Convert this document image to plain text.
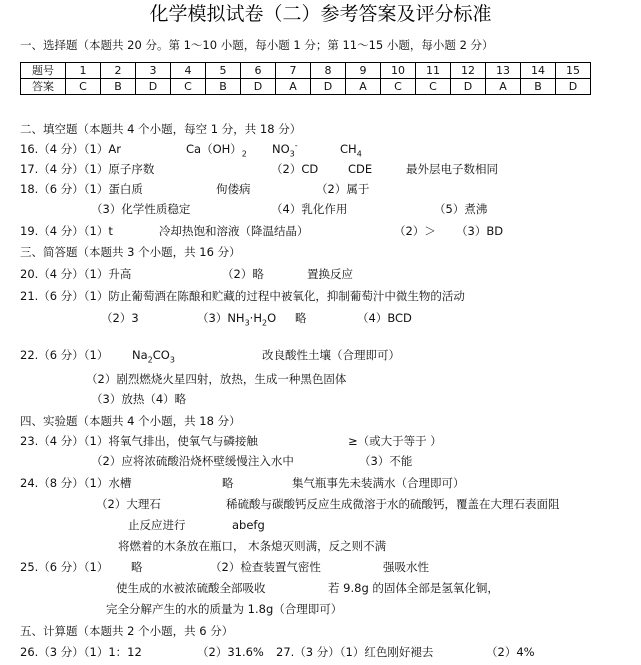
化学模拟试卷（二）参考答案及评分标准
一、选择题（本题共 20 分。第 1～10 小题，每小题 1 分；第 11～15 小题，每小题 2 分）
题号	1	2	3	4	5	6	7	8	9	10	11	12	13	14	15
答案	C	B	D	C	B	D	A	D	A	C	C	D	A	B	D
二、填空题（本题共 4 个小题，每空 1 分，共 18 分）
16.（4 分）（1）Ar	$Ca(OH)_2$ $NO_3^-$	$CH_4$
17.（4 分）（1）原子序数	（2）CD	CDE	最外层电子数相同
18.（6 分）（1）蛋白质	佝偻病	（2）属于
（3）化学性质稳定	（4）乳化作用	（5）煮沸
19.（4 分）（1）t	冷却热饱和溶液（降温结晶）	（2）＞ （3）BD
三、简答题（本题共 3 个小题，共 16 分）
20.（4 分）（1）升高	（2）略	置换反应
21.（6 分）（1）防止葡萄酒在陈酿和贮藏的过程中被氧化，抑制葡萄汁中微生物的活动
（2）3	$(3)NH_3\cdot H_2O$ 略	（4）BCD
22.（6 分）（1） $Na_2CO_3$	改良酸性土壤（合理即可）
（2）剧烈燃烧火星四射，放热，生成一种黑色固体
（3）放热（4）略
四、实验题（本题共 4 个小题，共 18 分）
23.（4 分）（1）将氧气排出，使氧气与磷接触	≥（或大于等于 ）
（2）应将浓硫酸沿烧杯壁缓慢注入水中	（3）不能
24.（8 分）（1）水槽	略	集气瓶事先未装满水（合理即可）
（2）大理石	稀硫酸与碳酸钙反应生成微溶于水的硫酸钙，覆盖在大理石表面阻
止反应进行	abefg
将燃着的木条放在瓶口， 木条熄灭则满，反之则不满
25.（6 分）（1） 略	（2）检查装置气密性	强吸水性
使生成的水被浓硫酸全部吸收	若 9.8g 的固体全部是氢氧化铜，
完全分解产生的水的质量为 1.8g（合理即可）
五、计算题（本题共 2 个小题，共 6 分）
26.（3 分）（1）1：12	（2）31.6% 27.（3 分）（1）红色刚好褪去	（2）4%
